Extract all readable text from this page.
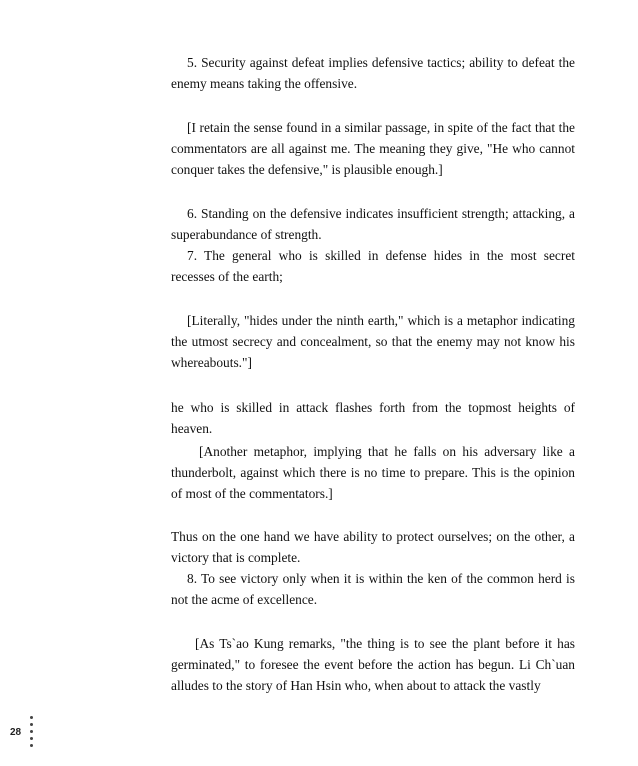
5. Security against defeat implies defensive tactics; ability to defeat the enemy means taking the offensive.

[I retain the sense found in a similar passage, in spite of the fact that the commentators are all against me. The meaning they give, "He who cannot conquer takes the defensive," is plausible enough.]

6. Standing on the defensive indicates insufficient strength; attacking, a superabundance of strength.

7. The general who is skilled in defense hides in the most secret recesses of the earth;

[Literally, "hides under the ninth earth," which is a metaphor indicating the utmost secrecy and concealment, so that the enemy may not know his whereabouts."]

he who is skilled in attack flashes forth from the topmost heights of heaven.

[Another metaphor, implying that he falls on his adversary like a thunderbolt, against which there is no time to prepare. This is the opinion of most of the commentators.]

Thus on the one hand we have ability to protect ourselves; on the other, a victory that is complete.

8. To see victory only when it is within the ken of the common herd is not the acme of excellence.

[As Ts`ao Kung remarks, "the thing is to see the plant before it has germinated," to foresee the event before the action has begun. Li Ch`uan alludes to the story of Han Hsin who, when about to attack the vastly

28
